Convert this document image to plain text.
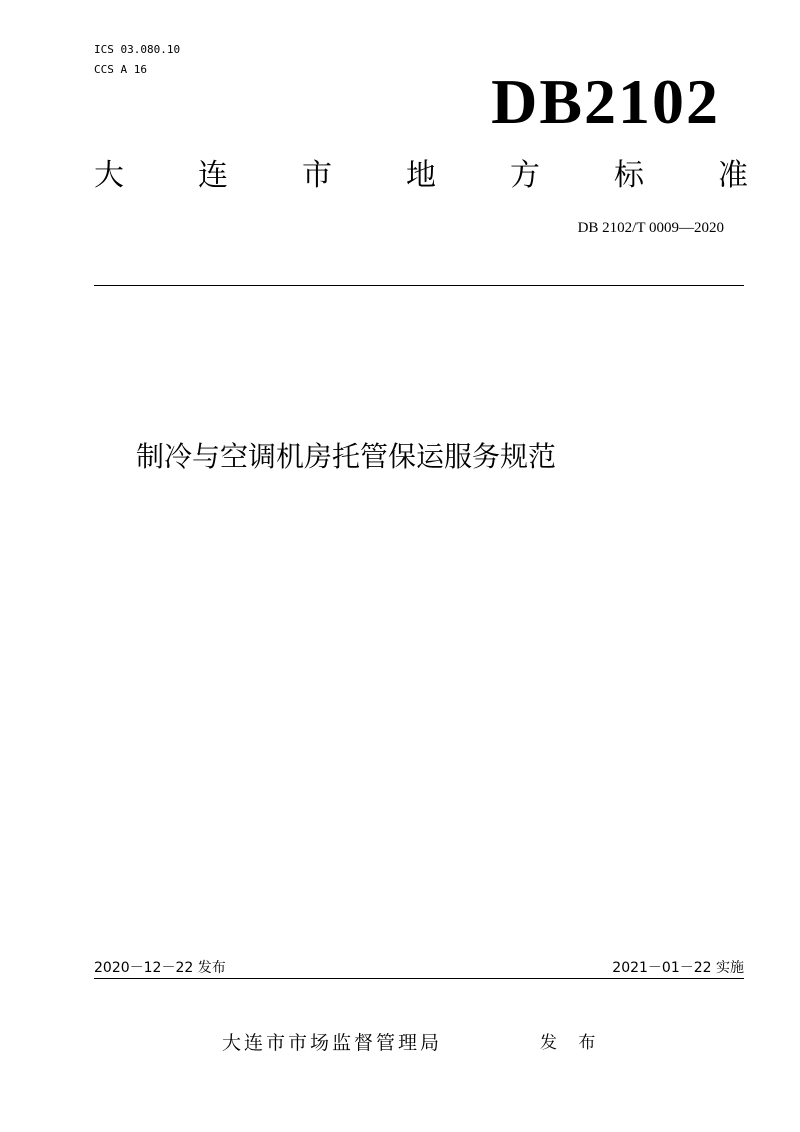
ICS 03.080.10
CCS A 16	DB2102
大 连 市 地 方 标 准
DB 2102/T 0009—2020
制冷与空调机房托管保运服务规范
2020－12－22 发布	2021－01－22 实施
大连市市场监督管理局	发 布
